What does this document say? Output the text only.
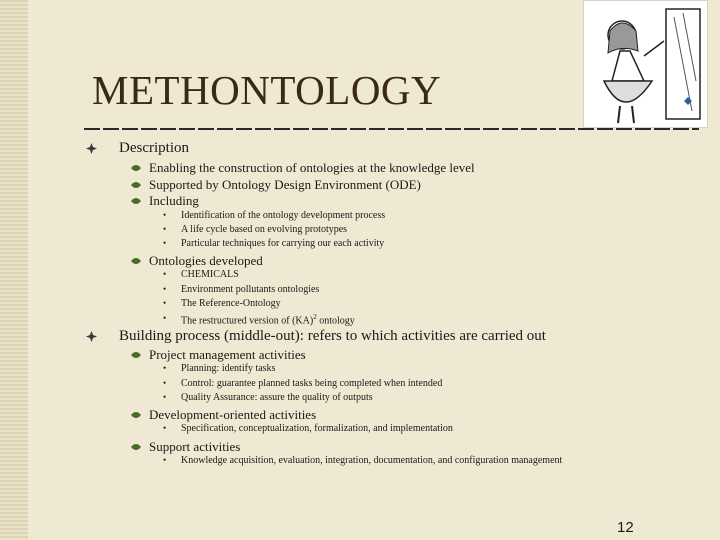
METHONTOLOGY
Description
Enabling the construction of ontologies at the knowledge level
Supported by Ontology Design Environment (ODE)
Including
• Identification of the ontology development process
• A life cycle based on evolving prototypes
• Particular techniques for carrying our each activity
Ontologies developed
• CHEMICALS
• Environment pollutants ontologies
• The Reference-Ontology
• The restructured version of (KA)$^2$ ontology
Building process (middle-out): refers to which activities are carried out
Project management activities
• Planning: identify tasks
• Control: guarantee planned tasks being completed when intended
• Quality Assurance: assure the quality of outputs
Development-oriented activities
• Specification, conceptualization, formalization, and implementation
Support activities
• Knowledge acquisition, evaluation, integration, documentation, and configuration management
12
